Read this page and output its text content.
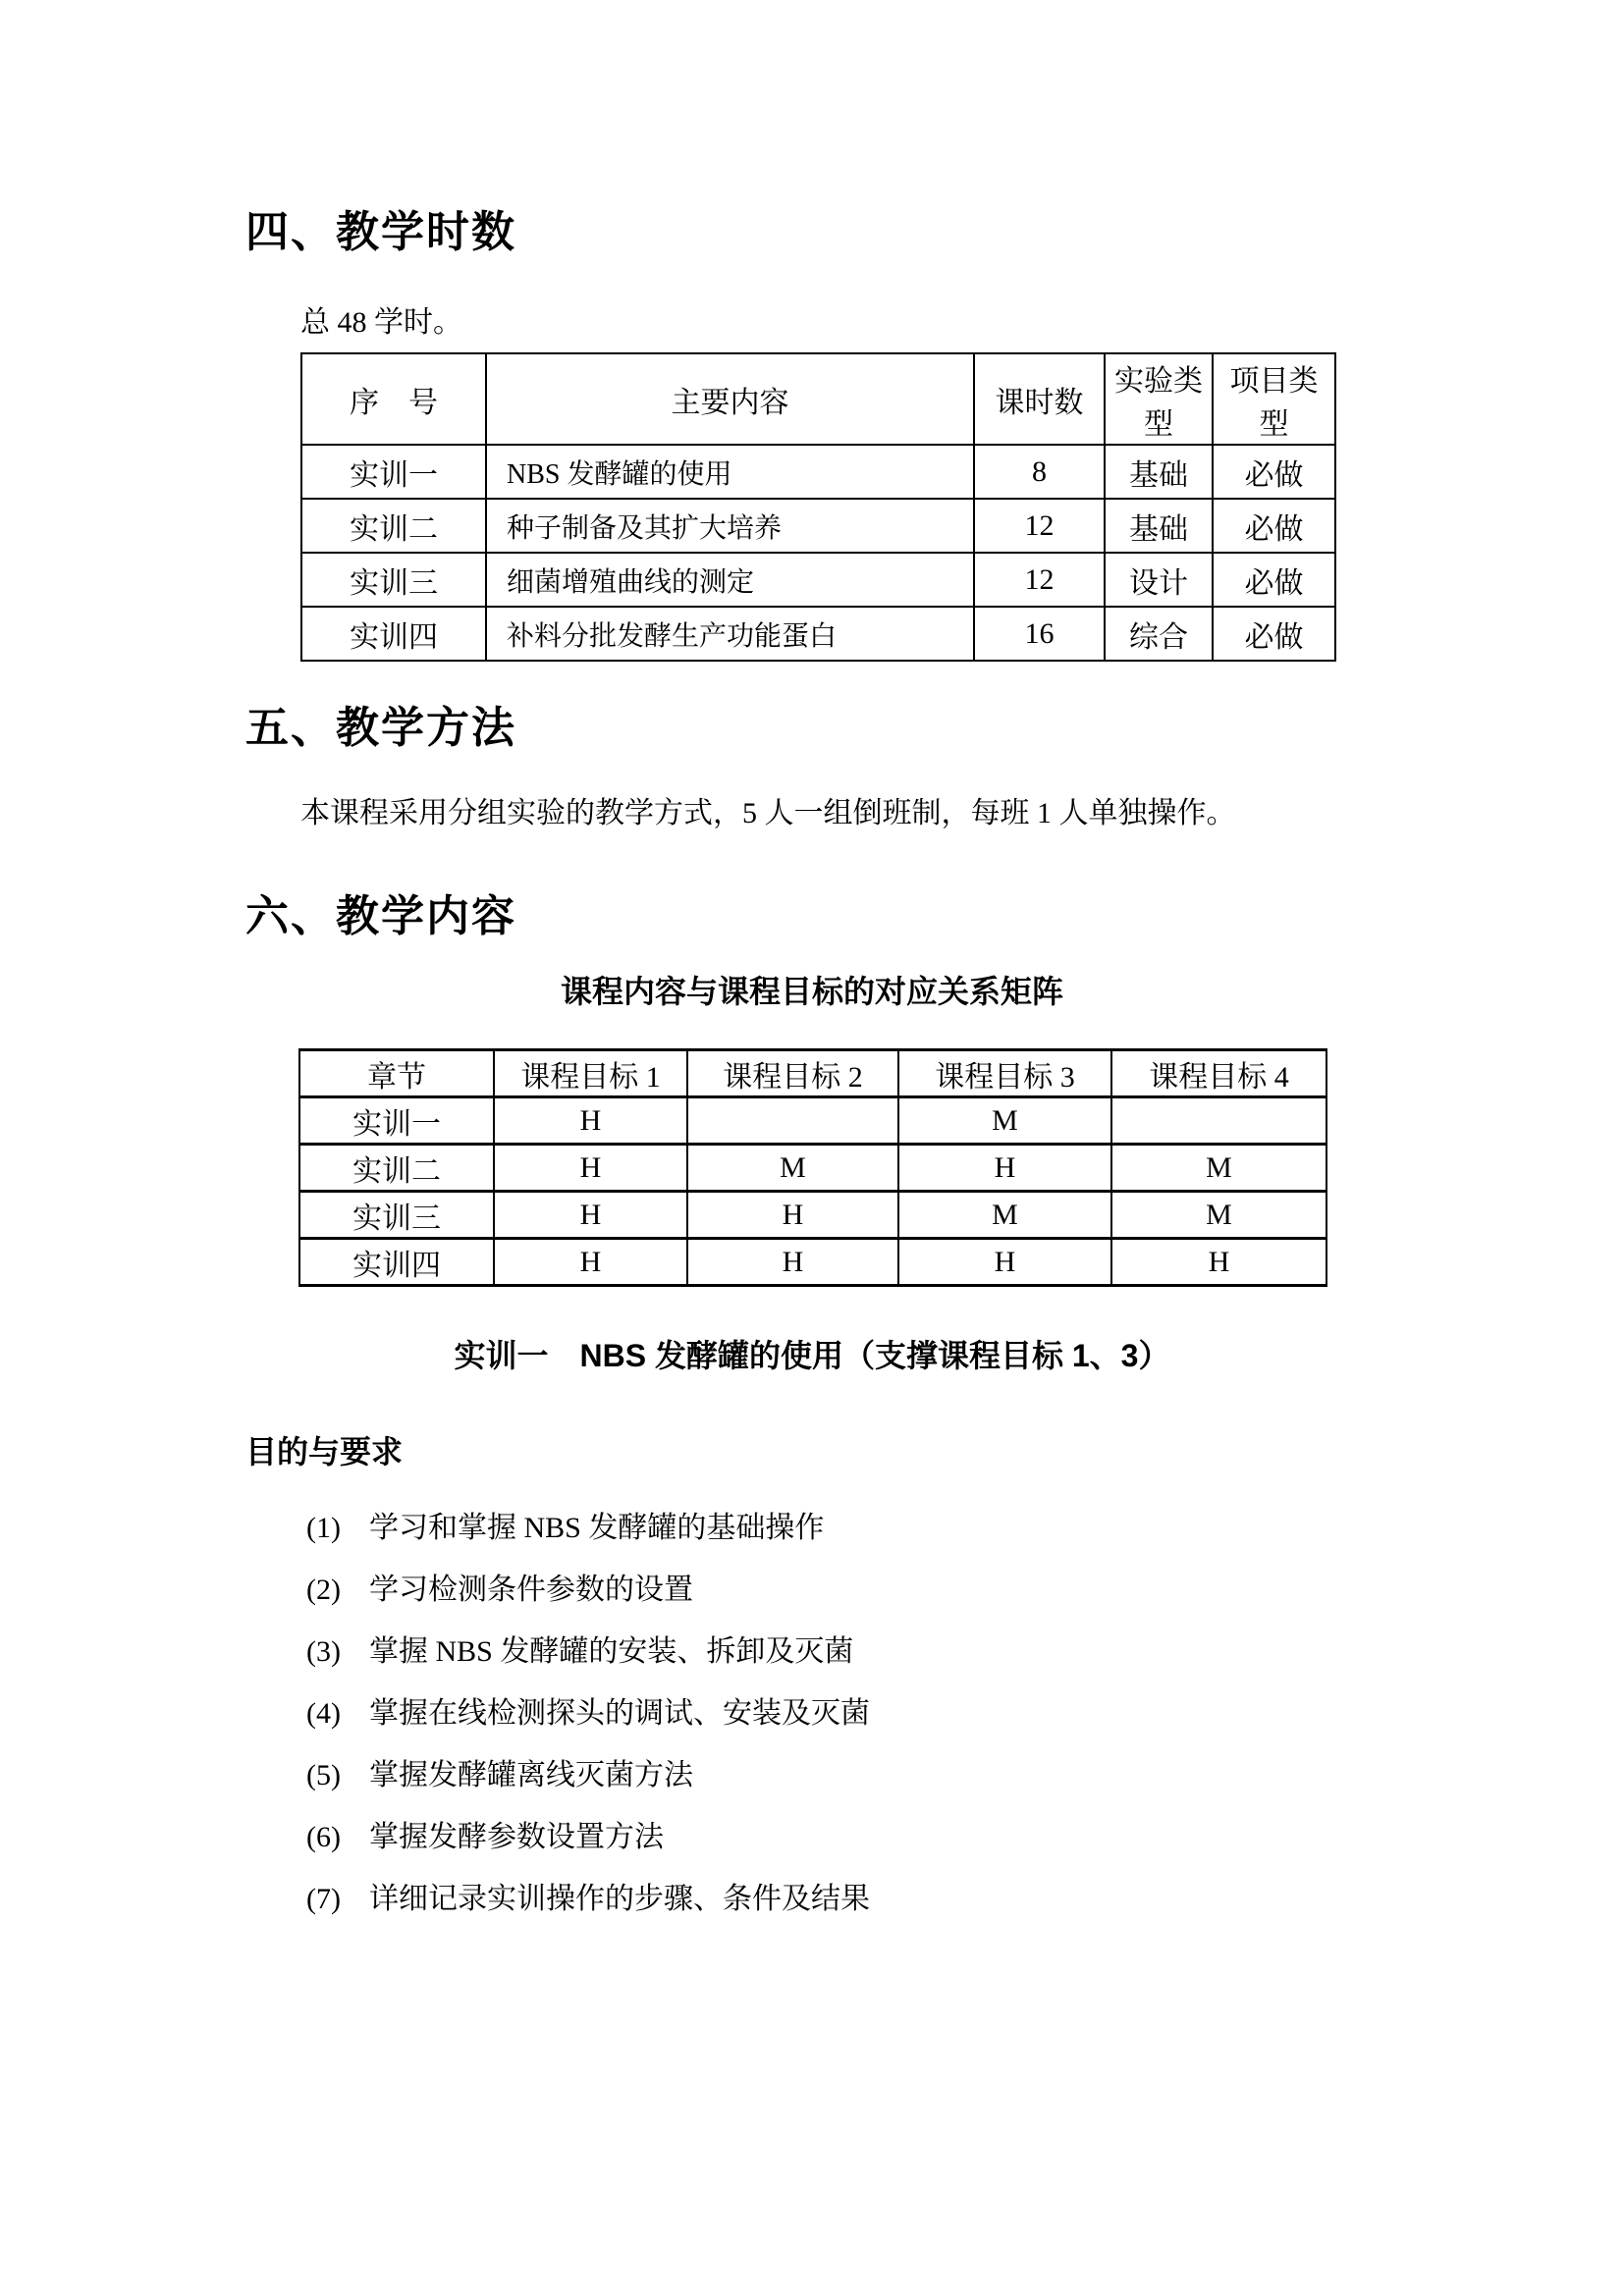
四、教学时数

总 48 学时。

序　号	主要内容	课时数	实验类型	项目类型
实训一	NBS 发酵罐的使用	8	基础	必做
实训二	种子制备及其扩大培养	12	基础	必做
实训三	细菌增殖曲线的测定	12	设计	必做
实训四	补料分批发酵生产功能蛋白	16	综合	必做
五、教学方法

本课程采用分组实验的教学方式，5 人一组倒班制，每班 1 人单独操作。

六、教学内容
课程内容与课程目标的对应关系矩阵
章节	课程目标 1	课程目标 2	课程目标 3	课程目标 4
实训一	H		M	
实训二	H	M	H	M
实训三	H	H	M	M
实训四	H	H	H	H
实训一　NBS 发酵罐的使用（支撑课程目标 1、3）
目的与要求
(1) 学习和掌握 NBS 发酵罐的基础操作
(2) 学习检测条件参数的设置
(3) 掌握 NBS 发酵罐的安装、拆卸及灭菌
(4) 掌握在线检测探头的调试、安装及灭菌
(5) 掌握发酵罐离线灭菌方法
(6) 掌握发酵参数设置方法
(7) 详细记录实训操作的步骤、条件及结果
